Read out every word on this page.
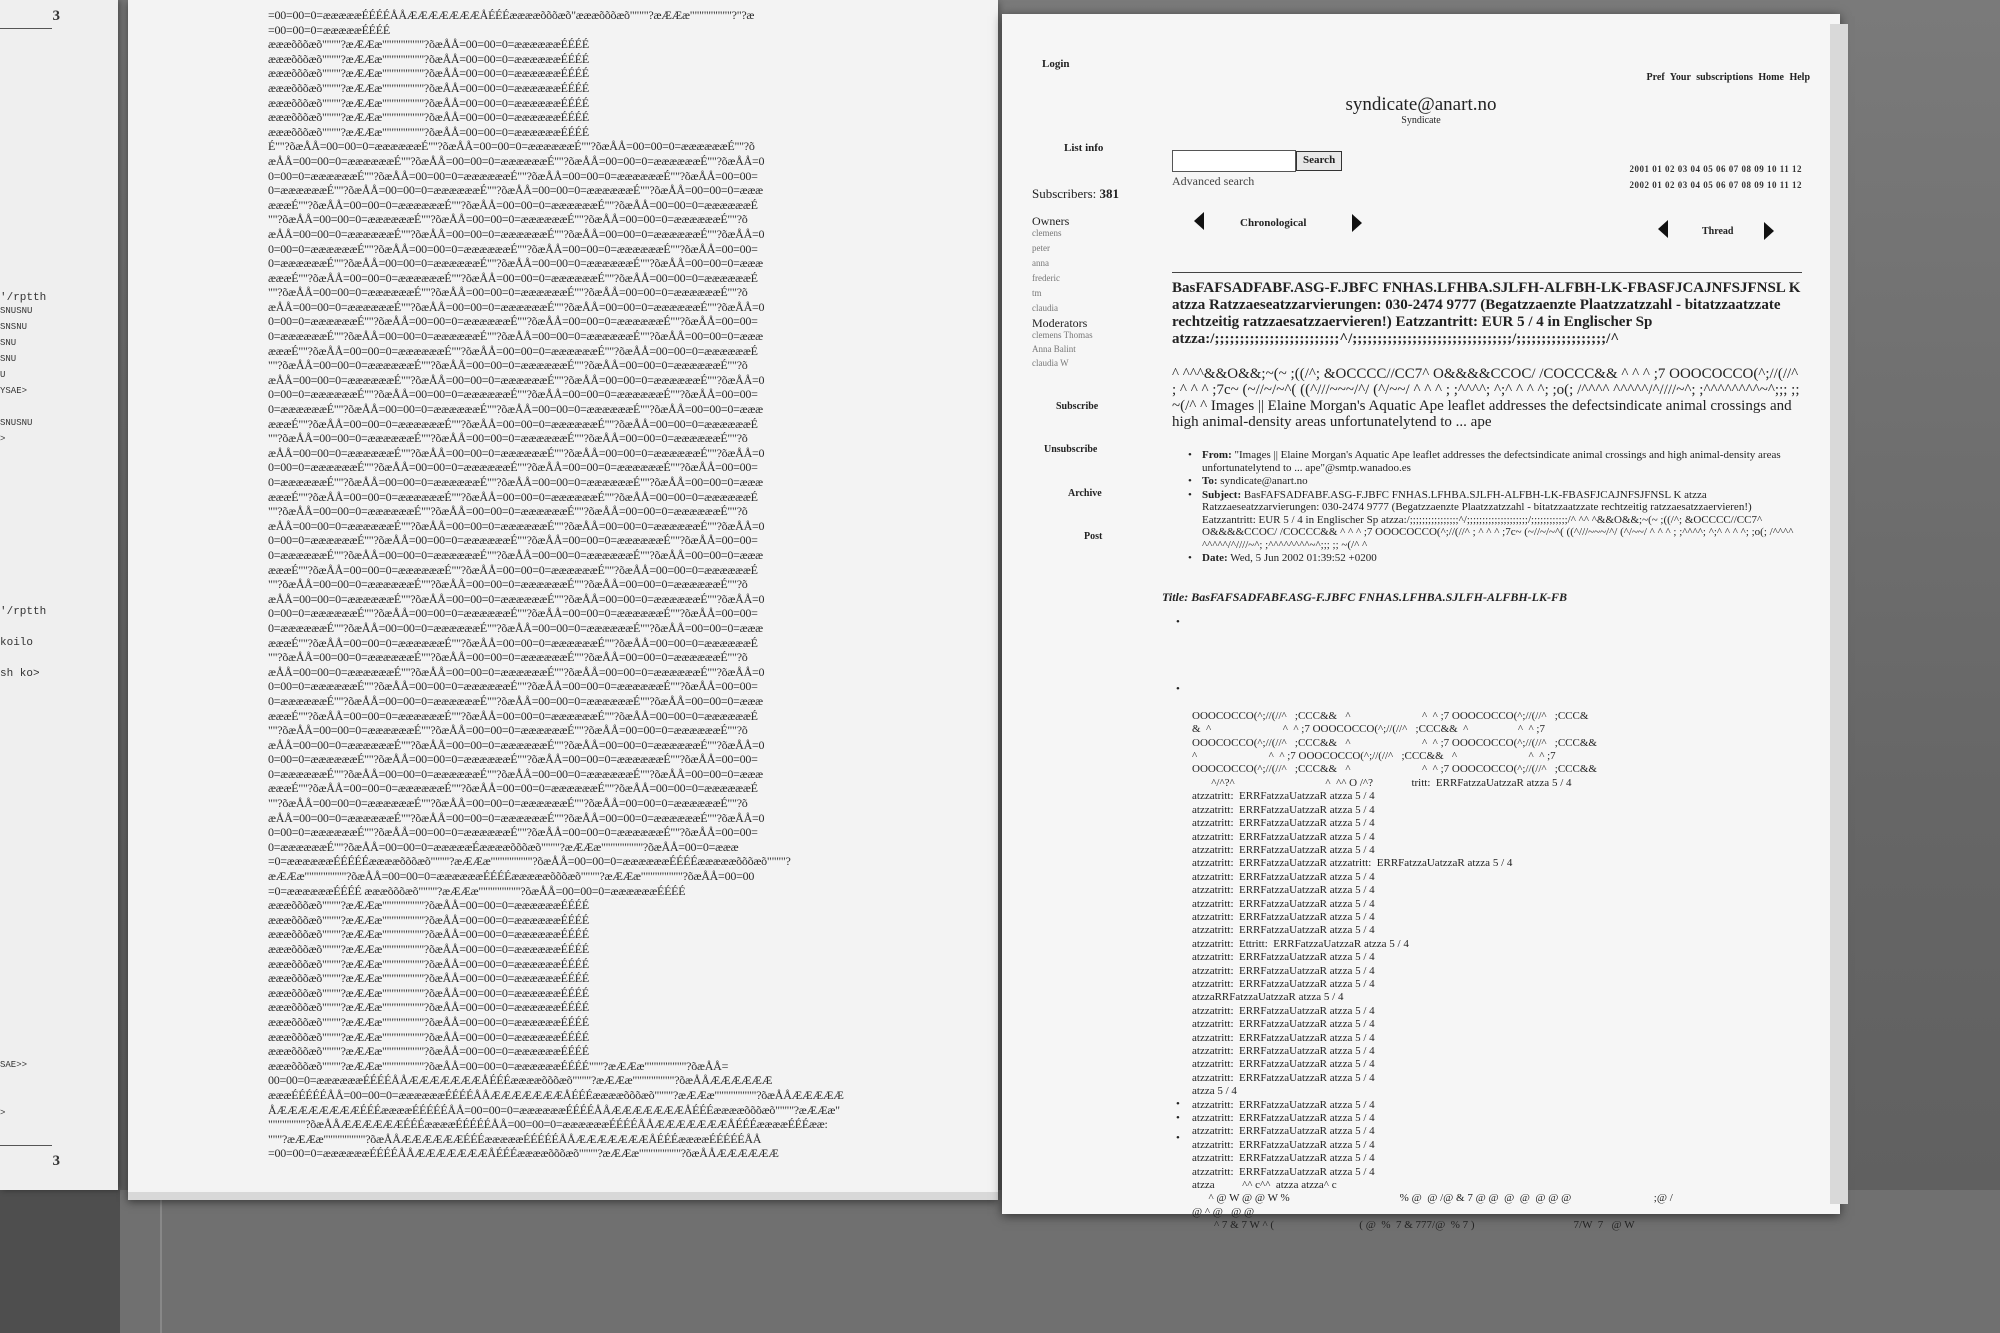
3
'/rptth
SNUSNU
SNSNU
SNU
SNU
U
YSAE>
SNUSNU
>
'/rptth
koilo
sh ko>
SAE>>
>
3
=00=00=0=æææææÉÉÉÉÅÅÆÆÆÆÆÆÆÅÉÉÉææææõõõæõ"æææõõõæõ""""?æÆÆæ"""""""""?"?æ
=00=00=0=æææææÉÉÉÉ
æææõõõæõ""""?æÆÆæ"""""""""?õæÅÅ=00=00=0=ææææææÉÉÉÉ
æææõõõæõ""""?æÆÆæ"""""""""?õæÅÅ=00=00=0=ææææææÉÉÉÉ
æææõõõæõ""""?æÆÆæ"""""""""?õæÅÅ=00=00=0=ææææææÉÉÉÉ
æææõõõæõ""""?æÆÆæ"""""""""?õæÅÅ=00=00=0=ææææææÉÉÉÉ
æææõõõæõ""""?æÆÆæ"""""""""?õæÅÅ=00=00=0=ææææææÉÉÉÉ
æææõõõæõ""""?æÆÆæ"""""""""?õæÅÅ=00=00=0=ææææææÉÉÉÉ
æææõõõæõ""""?æÆÆæ"""""""""?õæÅÅ=00=00=0=ææææææÉÉÉÉ
É""?õæÅÅ=00=00=0=ææææææÉ""?õæÅÅ=00=00=0=ææææææÉ""?õæÅÅ=00=00=0=ææææææÉ""?õ
æÅÅ=00=00=0=ææææææÉ""?õæÅÅ=00=00=0=ææææææÉ""?õæÅÅ=00=00=0=ææææææÉ""?õæÅÅ=0
0=00=0=ææææææÉ""?õæÅÅ=00=00=0=ææææææÉ""?õæÅÅ=00=00=0=ææææææÉ""?õæÅÅ=00=00=
0=ææææææÉ""?õæÅÅ=00=00=0=ææææææÉ""?õæÅÅ=00=00=0=ææææææÉ""?õæÅÅ=00=00=0=æææ
æææÉ""?õæÅÅ=00=00=0=ææææææÉ""?õæÅÅ=00=00=0=ææææææÉ""?õæÅÅ=00=00=0=ææææææÉ
""?õæÅÅ=00=00=0=ææææææÉ""?õæÅÅ=00=00=0=ææææææÉ""?õæÅÅ=00=00=0=ææææææÉ""?õ
æÅÅ=00=00=0=ææææææÉ""?õæÅÅ=00=00=0=ææææææÉ""?õæÅÅ=00=00=0=ææææææÉ""?õæÅÅ=0
0=00=0=ææææææÉ""?õæÅÅ=00=00=0=ææææææÉ""?õæÅÅ=00=00=0=ææææææÉ""?õæÅÅ=00=00=
0=ææææææÉ""?õæÅÅ=00=00=0=ææææææÉ""?õæÅÅ=00=00=0=ææææææÉ""?õæÅÅ=00=00=0=æææ
æææÉ""?õæÅÅ=00=00=0=ææææææÉ""?õæÅÅ=00=00=0=ææææææÉ""?õæÅÅ=00=00=0=ææææææÉ
""?õæÅÅ=00=00=0=ææææææÉ""?õæÅÅ=00=00=0=ææææææÉ""?õæÅÅ=00=00=0=ææææææÉ""?õ
æÅÅ=00=00=0=ææææææÉ""?õæÅÅ=00=00=0=ææææææÉ""?õæÅÅ=00=00=0=ææææææÉ""?õæÅÅ=0
0=00=0=ææææææÉ""?õæÅÅ=00=00=0=ææææææÉ""?õæÅÅ=00=00=0=ææææææÉ""?õæÅÅ=00=00=
0=ææææææÉ""?õæÅÅ=00=00=0=ææææææÉ""?õæÅÅ=00=00=0=ææææææÉ""?õæÅÅ=00=00=0=æææ
æææÉ""?õæÅÅ=00=00=0=ææææææÉ""?õæÅÅ=00=00=0=ææææææÉ""?õæÅÅ=00=00=0=ææææææÉ
""?õæÅÅ=00=00=0=ææææææÉ""?õæÅÅ=00=00=0=ææææææÉ""?õæÅÅ=00=00=0=ææææææÉ""?õ
æÅÅ=00=00=0=ææææææÉ""?õæÅÅ=00=00=0=ææææææÉ""?õæÅÅ=00=00=0=ææææææÉ""?õæÅÅ=0
0=00=0=ææææææÉ""?õæÅÅ=00=00=0=ææææææÉ""?õæÅÅ=00=00=0=ææææææÉ""?õæÅÅ=00=00=
0=ææææææÉ""?õæÅÅ=00=00=0=ææææææÉ""?õæÅÅ=00=00=0=ææææææÉ""?õæÅÅ=00=00=0=æææ
æææÉ""?õæÅÅ=00=00=0=ææææææÉ""?õæÅÅ=00=00=0=ææææææÉ""?õæÅÅ=00=00=0=ææææææÉ
""?õæÅÅ=00=00=0=ææææææÉ""?õæÅÅ=00=00=0=ææææææÉ""?õæÅÅ=00=00=0=ææææææÉ""?õ
æÅÅ=00=00=0=ææææææÉ""?õæÅÅ=00=00=0=ææææææÉ""?õæÅÅ=00=00=0=ææææææÉ""?õæÅÅ=0
0=00=0=ææææææÉ""?õæÅÅ=00=00=0=ææææææÉ""?õæÅÅ=00=00=0=ææææææÉ""?õæÅÅ=00=00=
0=ææææææÉ""?õæÅÅ=00=00=0=ææææææÉ""?õæÅÅ=00=00=0=ææææææÉ""?õæÅÅ=00=00=0=æææ
æææÉ""?õæÅÅ=00=00=0=ææææææÉ""?õæÅÅ=00=00=0=ææææææÉ""?õæÅÅ=00=00=0=ææææææÉ
""?õæÅÅ=00=00=0=ææææææÉ""?õæÅÅ=00=00=0=ææææææÉ""?õæÅÅ=00=00=0=ææææææÉ""?õ
æÅÅ=00=00=0=ææææææÉ""?õæÅÅ=00=00=0=ææææææÉ""?õæÅÅ=00=00=0=ææææææÉ""?õæÅÅ=0
0=00=0=ææææææÉ""?õæÅÅ=00=00=0=ææææææÉ""?õæÅÅ=00=00=0=ææææææÉ""?õæÅÅ=00=00=
0=ææææææÉ""?õæÅÅ=00=00=0=ææææææÉ""?õæÅÅ=00=00=0=ææææææÉ""?õæÅÅ=00=00=0=æææ
æææÉ""?õæÅÅ=00=00=0=ææææææÉ""?õæÅÅ=00=00=0=ææææææÉ""?õæÅÅ=00=00=0=ææææææÉ
""?õæÅÅ=00=00=0=ææææææÉ""?õæÅÅ=00=00=0=ææææææÉ""?õæÅÅ=00=00=0=ææææææÉ""?õ
æÅÅ=00=00=0=ææææææÉ""?õæÅÅ=00=00=0=ææææææÉ""?õæÅÅ=00=00=0=ææææææÉ""?õæÅÅ=0
0=00=0=ææææææÉ""?õæÅÅ=00=00=0=ææææææÉ""?õæÅÅ=00=00=0=ææææææÉ""?õæÅÅ=00=00=
0=ææææææÉ""?õæÅÅ=00=00=0=ææææææÉ""?õæÅÅ=00=00=0=ææææææÉ""?õæÅÅ=00=00=0=æææ
æææÉ""?õæÅÅ=00=00=0=ææææææÉ""?õæÅÅ=00=00=0=ææææææÉ""?õæÅÅ=00=00=0=ææææææÉ
""?õæÅÅ=00=00=0=ææææææÉ""?õæÅÅ=00=00=0=ææææææÉ""?õæÅÅ=00=00=0=ææææææÉ""?õ
æÅÅ=00=00=0=ææææææÉ""?õæÅÅ=00=00=0=ææææææÉ""?õæÅÅ=00=00=0=ææææææÉ""?õæÅÅ=0
0=00=0=ææææææÉ""?õæÅÅ=00=00=0=ææææææÉ""?õæÅÅ=00=00=0=ææææææÉ""?õæÅÅ=00=00=
0=ææææææÉ""?õæÅÅ=00=00=0=ææææææÉ""?õæÅÅ=00=00=0=ææææææÉ""?õæÅÅ=00=00=0=æææ
æææÉ""?õæÅÅ=00=00=0=ææææææÉ""?õæÅÅ=00=00=0=ææææææÉ""?õæÅÅ=00=00=0=ææææææÉ
""?õæÅÅ=00=00=0=ææææææÉ""?õæÅÅ=00=00=0=ææææææÉ""?õæÅÅ=00=00=0=ææææææÉ""?õ
æÅÅ=00=00=0=ææææææÉ""?õæÅÅ=00=00=0=ææææææÉ""?õæÅÅ=00=00=0=ææææææÉ""?õæÅÅ=0
0=00=0=ææææææÉ""?õæÅÅ=00=00=0=ææææææÉ""?õæÅÅ=00=00=0=ææææææÉ""?õæÅÅ=00=00=
0=ææææææÉ""?õæÅÅ=00=00=0=ææææææÉ""?õæÅÅ=00=00=0=ææææææÉ""?õæÅÅ=00=00=0=æææ
æææÉ""?õæÅÅ=00=00=0=ææææææÉ""?õæÅÅ=00=00=0=ææææææÉ""?õæÅÅ=00=00=0=ææææææÉ
""?õæÅÅ=00=00=0=ææææææÉ""?õæÅÅ=00=00=0=ææææææÉ""?õæÅÅ=00=00=0=ææææææÉ""?õ
æÅÅ=00=00=0=ææææææÉ""?õæÅÅ=00=00=0=ææææææÉ""?õæÅÅ=00=00=0=ææææææÉ""?õæÅÅ=0
0=00=0=ææææææÉ""?õæÅÅ=00=00=0=ææææææÉ""?õæÅÅ=00=00=0=ææææææÉ""?õæÅÅ=00=00=
0=ææææææÉ""?õæÅÅ=00=00=0=æææææÉææææõõõæõ""""?æÆÆæ"""""""""?õæÅÅ=00=0=æææ
=0=ææææææÉÉÉÉÉææææõõõæõ""""?æÆÆæ"""""""""?õæÅÅ=00=00=0=ææææææÉÉÉÉæææææõõõæõ""""?
æÆÆæ"""""""""?õæÅÅ=00=00=0=ææææææÉÉÉÉæææææõõõæõ""""?æÆÆæ"""""""""?õæÅÅ=00=00
=0=ææææææÉÉÉÉ æææõõõæõ""""?æÆÆæ"""""""""?õæÅÅ=00=00=0=ææææææÉÉÉÉ
æææõõõæõ""""?æÆÆæ"""""""""?õæÅÅ=00=00=0=ææææææÉÉÉÉ
æææõõõæõ""""?æÆÆæ"""""""""?õæÅÅ=00=00=0=ææææææÉÉÉÉ
æææõõõæõ""""?æÆÆæ"""""""""?õæÅÅ=00=00=0=ææææææÉÉÉÉ
æææõõõæõ""""?æÆÆæ"""""""""?õæÅÅ=00=00=0=ææææææÉÉÉÉ
æææõõõæõ""""?æÆÆæ"""""""""?õæÅÅ=00=00=0=ææææææÉÉÉÉ
æææõõõæõ""""?æÆÆæ"""""""""?õæÅÅ=00=00=0=ææææææÉÉÉÉ
æææõõõæõ""""?æÆÆæ"""""""""?õæÅÅ=00=00=0=ææææææÉÉÉÉ
æææõõõæõ""""?æÆÆæ"""""""""?õæÅÅ=00=00=0=ææææææÉÉÉÉ
æææõõõæõ""""?æÆÆæ"""""""""?õæÅÅ=00=00=0=ææææææÉÉÉÉ
æææõõõæõ""""?æÆÆæ"""""""""?õæÅÅ=00=00=0=ææææææÉÉÉÉ
æææõõõæõ""""?æÆÆæ"""""""""?õæÅÅ=00=00=0=ææææææÉÉÉÉ
æææõõõæõ""""?æÆÆæ"""""""""?õæÅÅ=00=00=0=ææææææÉÉÉÉ"""?æÆÆæ"""""""""?õæÅÅ=
00=00=0=ææææææÉÉÉÉÅÅÆÆÆÆÆÆÆÅÉÉÉææææõõõæõ""""?æÆÆæ"""""""""?õæÅÅÆÆÆÆÆÆ
æææÉÉÉÉÉÅÅ=00=00=0=ææææææÉÉÉÉÅÅÆÆÆÆÆÆÆÅÉÉÉææææõõõæõ""""?æÆÆæ"""""""""?õæÅÅÆÆÆÆÆ
ÅÆÆÆÆÆÆÆÆÉÉÉææææÉÉÉÉÉÅÅ=00=00=0=ææææææÉÉÉÉÅÅÆÆÆÆÆÆÆÅÉÉÉææææõõõæõ""""?æÆÆæ"
""""""""?õæÅÅÆÆÆÆÆÆÉÉÉææææÉÉÉÉÉÅÅ=00=00=0=ææææææÉÉÉÉÅÅÆÆÆÆÆÆÆÅÉÉÉææææÉÉÉææ:
"""?æÆÆæ"""""""""?õæÅÅÆÆÆÆÆÆÉÉÉæææææÉÉÉÉÉÅÅÆÆÆÆÆÆÆÅÉÉÉææææÉÉÉÉÉÅÅ
=00=00=0=ææææææÉÉÉÉÅÅÆÆÆÆÆÆÆÅÉÉÉææææõõõæõ""""?æÆÆæ"""""""""?õæÅÅÆÆÆÆÆÆ
Login
Pref Your subscriptions Home Help
syndicate@anart.no
Syndicate
List info
Subscribers: 381
Owners
clemens
peter
anna
frederic
tm
claudia
Moderators
clemens Thomas
Anna Balint
claudia W
Subscribe
Unsubscribe
Archive
Post
Search
Advanced search
2001 01 02 03 04 05 06 07 08 09 10 11 12
2002 01 02 03 04 05 06 07 08 09 10 11 12
Chronological
Thread
BasFAFSADFABF.ASG-F.JBFC FNHAS.LFHBA.SJLFH-ALFBH-LK-FBASFJCAJNFSJFNSL K atzza Ratzzaeseatzzarvierungen: 030-2474 9777 (Begatzzaenzte Plaatzzatzzahl - bitatzzaatzzate rechtzeitig ratzzaesatzzaervieren!) Eatzzantritt: EUR 5 / 4 in Englischer Sp atzza:/;;;;;;;;;;;;;;;;;;;;;;;;;^/;;;;;;;;;;;;;;;;;;;;;;;;;;;;;;;;/;;;;;;;;;;;;;;;;;;/^
^ ^^^&&O&&;~(~ ;((/^; &OCCCC//CC7^ O&&&&CCOC/ /COCCC&& ^ ^ ^ ;7 OOOCOCCO(^;//(//^ ; ^ ^ ^ ;7c~ (~//~/~^( ((^///~~~/^/ (^/~~/ ^ ^ ^ ; ;^^^^; ^;^ ^ ^ ^; ;o(; /^^^^ ^^^^^/^////~^; ;^^^^^^^^~^;;; ;; ~(/^ ^ Images || Elaine Morgan's Aquatic Ape leaflet addresses the defectsindicate animal crossings and high animal-density areas unfortunatelytend to ... ape
• From: "Images || Elaine Morgan's Aquatic Ape leaflet addresses the defectsindicate animal crossings and high animal-density areas unfortunatelytend to ... ape"@smtp.wanadoo.es
• To: syndicate@anart.no
• Subject: BasFAFSADFABF.ASG-F.JBFC FNHAS.LFHBA.SJLFH-ALFBH-LK-FBASFJCAJNFSJFNSL K atzza Ratzzaeseatzzarvierungen: 030-2474 9777 (Begatzzaenzte Plaatzzatzzahl - bitatzzaatzzate rechtzeitig ratzzaesatzzaervieren!) Eatzzantritt: EUR 5 / 4 in Englischer Sp atzza:/;;;;;;;;;;;;;;;;^/;;;;;;;;;;;;;;;;;;;;/;;;;;;;;;;;;/^ ^^ ^&&O&&;~(~ ;((/^; &OCCCC//CC7^ O&&&&CCOC/ /COCCC&& ^ ^ ^ ;7 OOOCOCCO(^;//(//^ ; ^ ^ ^ ;7c~ (~//~/~^( ((^///~~~/^/ (^/~~/ ^ ^ ^ ; ;^^^^; ^;^ ^ ^ ^; ;o(; /^^^^ ^^^^^/^////~^; ;^^^^^^^^~^;;; ;; ~(/^ ^
• Date: Wed, 5 Jun 2002 01:39:52 +0200
Title: BasFAFSADFABF.ASG-F.JBFC FNHAS.LFHBA.SJLFH-ALFBH-LK-FB

•

•

•

•

•

OOOCOCCO(^;//(//^   ;CCC&&   ^                          ^  ^ ;7 OOOCOCCO(^;//(//^   ;CCC&
&  ^                          ^  ^ ;7 OOOCOCCO(^;//(//^   ;CCC&&  ^                  ^  ^ ;7
OOOCOCCO(^;//(//^   ;CCC&&   ^                          ^  ^ ;7 OOOCOCCO(^;//(//^   ;CCC&&
^                          ^  ^ ;7 OOOCOCCO(^;//(//^   ;CCC&&   ^                          ^  ^ ;7
OOOCOCCO(^;//(//^   ;CCC&&   ^                          ^  ^ ;7 OOOCOCCO(^;//(//^   ;CCC&&
^/^?^                                 ^  ^^ O /^?              tritt:  ERRFatzzaUatzzaR atzza 5 / 4
atzzatritt:  ERRFatzzaUatzzaR atzza 5 / 4
atzzatritt:  ERRFatzzaUatzzaR atzza 5 / 4
atzzatritt:  ERRFatzzaUatzzaR atzza 5 / 4
atzzatritt:  ERRFatzzaUatzzaR atzza 5 / 4
atzzatritt:  ERRFatzzaUatzzaR atzza 5 / 4
atzzatritt:  ERRFatzzaUatzzaR atzzatritt:  ERRFatzzaUatzzaR atzza 5 / 4
atzzatritt:  ERRFatzzaUatzzaR atzza 5 / 4
atzzatritt:  ERRFatzzaUatzzaR atzza 5 / 4
atzzatritt:  ERRFatzzaUatzzaR atzza 5 / 4
atzzatritt:  ERRFatzzaUatzzaR atzza 5 / 4
atzzatritt:  ERRFatzzaUatzzaR atzza 5 / 4
atzzatritt:  Ettritt:  ERRFatzzaUatzzaR atzza 5 / 4
atzzatritt:  ERRFatzzaUatzzaR atzza 5 / 4
atzzatritt:  ERRFatzzaUatzzaR atzza 5 / 4
atzzatritt:  ERRFatzzaUatzzaR atzza 5 / 4
atzzaRRFatzzaUatzzaR atzza 5 / 4
atzzatritt:  ERRFatzzaUatzzaR atzza 5 / 4
atzzatritt:  ERRFatzzaUatzzaR atzza 5 / 4
atzzatritt:  ERRFatzzaUatzzaR atzza 5 / 4
atzzatritt:  ERRFatzzaUatzzaR atzza 5 / 4
atzzatritt:  ERRFatzzaUatzzaR atzza 5 / 4
atzzatritt:  ERRFatzzaUatzzaR atzza 5 / 4
atzza 5 / 4
atzzatritt:  ERRFatzzaUatzzaR atzza 5 / 4
atzzatritt:  ERRFatzzaUatzzaR atzza 5 / 4
atzzatritt:  ERRFatzzaUatzzaR atzza 5 / 4
atzzatritt:  ERRFatzzaUatzzaR atzza 5 / 4
atzzatritt:  ERRFatzzaUatzzaR atzza 5 / 4
atzzatritt:  ERRFatzzaUatzzaR atzza 5 / 4
atzza          ^^ c^^  atzza atzza^ c
^ @ W @ @ W %                                        % @  @ /@ & 7 @ @  @  @  @ @ @                              ;@ /
@ ^ @   @ @
^ 7 & 7 W ^ (                               ( @  %  7 & 777/@  % 7 )                                    7/W  7   @ W
